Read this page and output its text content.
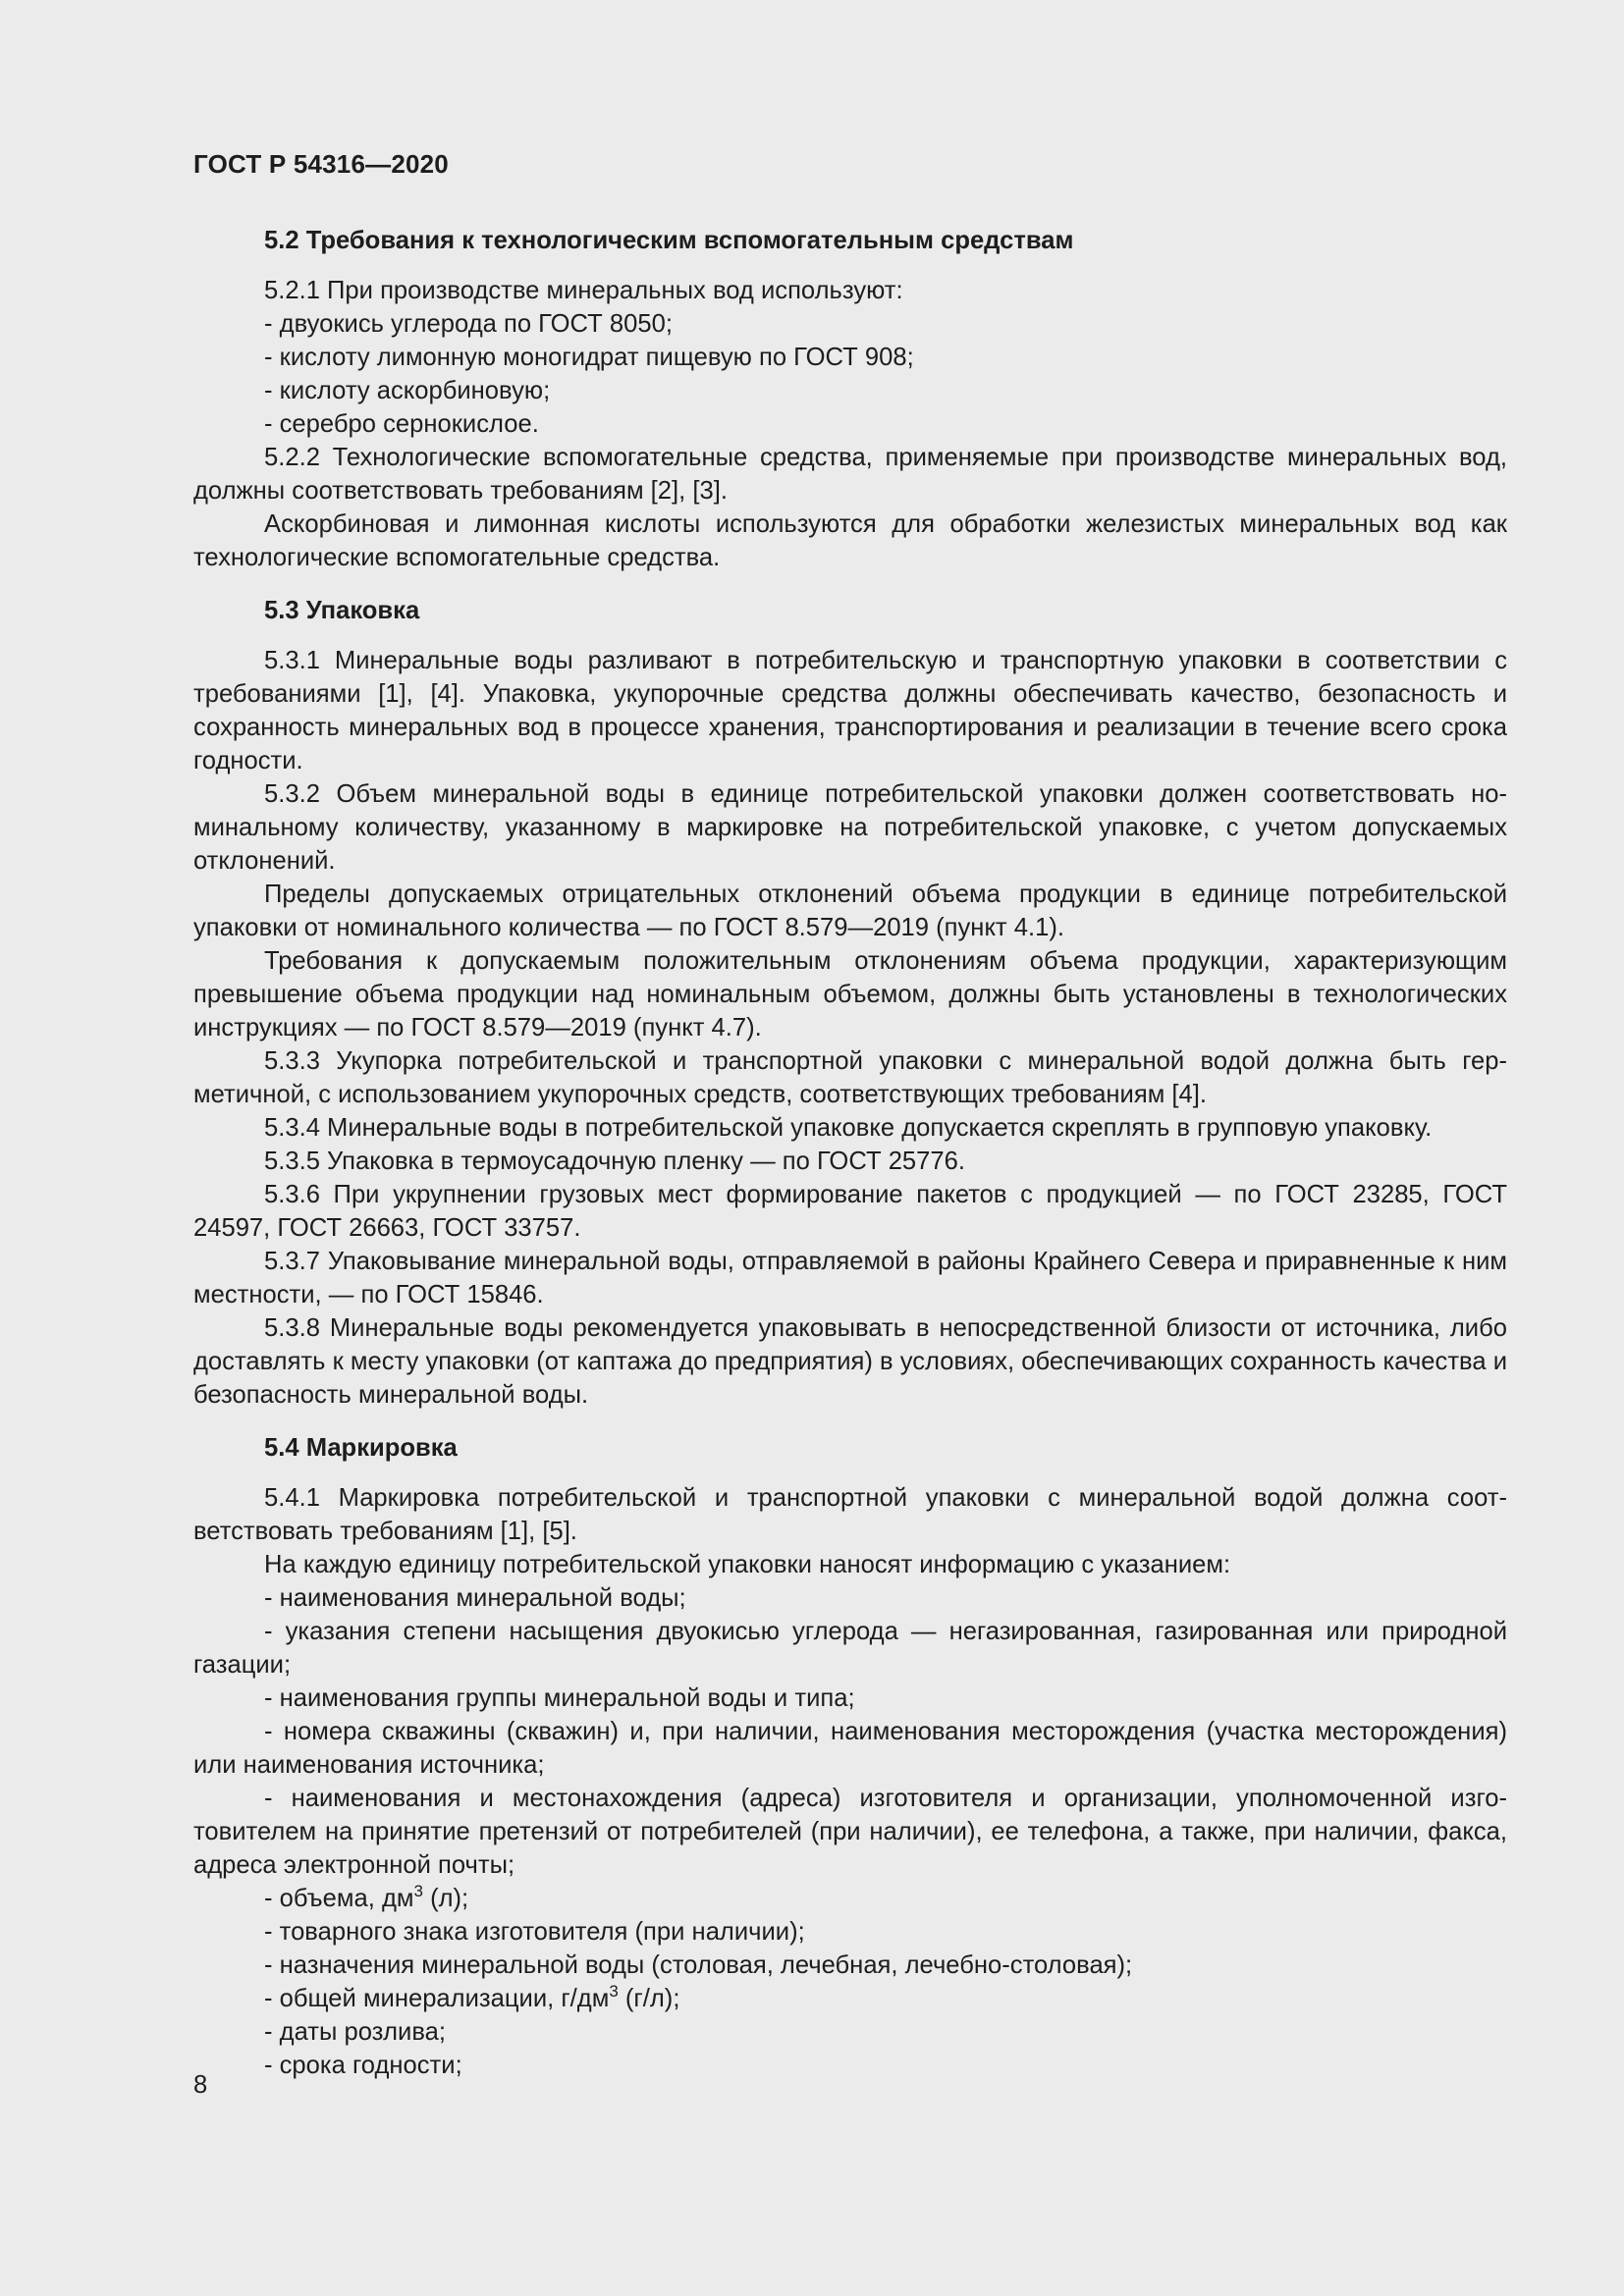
ГОСТ Р 54316—2020
5.2 Требования к технологическим вспомогательным средствам

5.2.1 При производстве минеральных вод используют:

- двуокись углерода по ГОСТ 8050;

- кислоту лимонную моногидрат пищевую по ГОСТ 908;

- кислоту аскорбиновую;

- серебро сернокислое.

5.2.2 Технологические вспомогательные средства, применяемые при производстве минеральных вод, должны соответствовать требованиям [2], [3].

Аскорбиновая и лимонная кислоты используются для обработки железистых минеральных вод как технологические вспомогательные средства.

5.3 Упаковка

5.3.1 Минеральные воды разливают в потребительскую и транспортную упаковки в соответствии с требованиями [1], [4]. Упаковка, укупорочные средства должны обеспечивать качество, безопасность и сохранность минеральных вод в процессе хранения, транспортирования и реализации в течение всего срока годности.

5.3.2 Объем минеральной воды в единице потребительской упаковки должен соответствовать номинальному количеству, указанному в маркировке на потребительской упаковке, с учетом допускаемых отклонений.

Пределы допускаемых отрицательных отклонений объема продукции в единице потребительской упаковки от номинального количества — по ГОСТ 8.579—2019 (пункт 4.1).

Требования к допускаемым положительным отклонениям объема продукции, характеризующим превышение объема продукции над номинальным объемом, должны быть установлены в технологических инструкциях — по ГОСТ 8.579—2019 (пункт 4.7).

5.3.3 Укупорка потребительской и транспортной упаковки с минеральной водой должна быть герметичной, с использованием укупорочных средств, соответствующих требованиям [4].

5.3.4 Минеральные воды в потребительской упаковке допускается скреплять в групповую упаковку.

5.3.5 Упаковка в термоусадочную пленку — по ГОСТ 25776.

5.3.6 При укрупнении грузовых мест формирование пакетов с продукцией — по ГОСТ 23285, ГОСТ 24597, ГОСТ 26663, ГОСТ 33757.

5.3.7 Упаковывание минеральной воды, отправляемой в районы Крайнего Севера и приравненные к ним местности, — по ГОСТ 15846.

5.3.8 Минеральные воды рекомендуется упаковывать в непосредственной близости от источника, либо доставлять к месту упаковки (от каптажа до предприятия) в условиях, обеспечивающих сохранность качества и безопасность минеральной воды.

5.4 Маркировка

5.4.1 Маркировка потребительской и транспортной упаковки с минеральной водой должна соответствовать требованиям [1], [5].

На каждую единицу потребительской упаковки наносят информацию с указанием:

- наименования минеральной воды;

- указания степени насыщения двуокисью углерода — негазированная, газированная или природной газации;

- наименования группы минеральной воды и типа;

- номера скважины (скважин) и, при наличии, наименования месторождения (участка месторождения) или наименования источника;

- наименования и местонахождения (адреса) изготовителя и организации, уполномоченной изготовителем на принятие претензий от потребителей (при наличии), ее телефона, а также, при наличии, факса, адреса электронной почты;

- объема, $дм^3$ (л);

- товарного знака изготовителя (при наличии);

- назначения минеральной воды (столовая, лечебная, лечебно-столовая);

- общей минерализации, $г/дм^3$ (г/л);

- даты розлива;

- срока годности;

8
